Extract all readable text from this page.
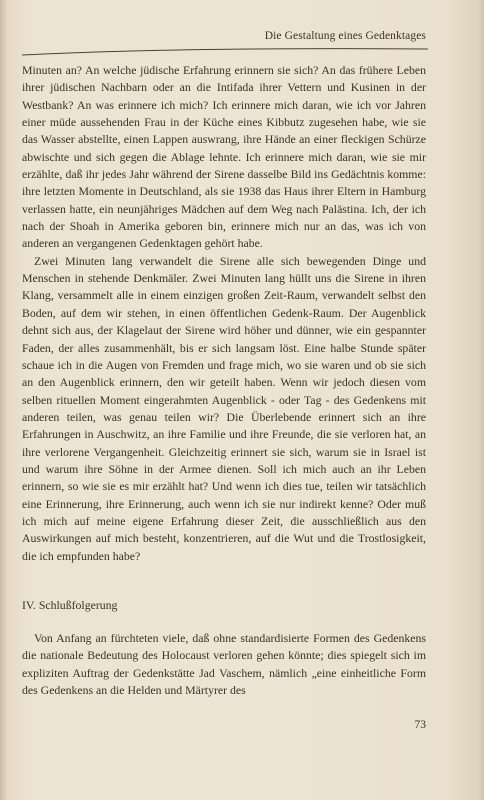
Die Gestaltung eines Gedenktages

Minuten an? An welche jüdische Erfahrung erinnern sie sich? An das frühere Leben ihrer jüdischen Nachbarn oder an die Intifada ihrer Vettern und Kusinen in der Westbank? An was erinnere ich mich? Ich erinnere mich daran, wie ich vor Jahren einer müde aussehenden Frau in der Küche eines Kibbutz zugesehen habe, wie sie das Wasser abstellte, einen Lappen auswrang, ihre Hände an einer fleckigen Schürze abwischte und sich gegen die Ablage lehnte. Ich erinnere mich daran, wie sie mir erzählte, daß ihr jedes Jahr während der Sirene dasselbe Bild ins Gedächtnis komme: ihre letzten Momente in Deutschland, als sie 1938 das Haus ihrer Eltern in Hamburg verlassen hatte, ein neunjähriges Mädchen auf dem Weg nach Palästina. Ich, der ich nach der Shoah in Amerika geboren bin, erinnere mich nur an das, was ich von anderen an vergangenen Gedenktagen gehört habe.

Zwei Minuten lang verwandelt die Sirene alle sich bewegenden Dinge und Menschen in stehende Denkmäler. Zwei Minuten lang hüllt uns die Sirene in ihren Klang, versammelt alle in einem einzigen großen Zeit-Raum, verwandelt selbst den Boden, auf dem wir stehen, in einen öffentlichen Gedenk-Raum. Der Augenblick dehnt sich aus, der Klagelaut der Sirene wird höher und dünner, wie ein gespannter Faden, der alles zusammenhält, bis er sich langsam löst. Eine halbe Stunde später schaue ich in die Augen von Fremden und frage mich, wo sie waren und ob sie sich an den Augenblick erinnern, den wir geteilt haben. Wenn wir jedoch diesen vom selben rituellen Moment eingerahmten Augenblick - oder Tag - des Gedenkens mit anderen teilen, was genau teilen wir? Die Überlebende erinnert sich an ihre Erfahrungen in Auschwitz, an ihre Familie und ihre Freunde, die sie verloren hat, an ihre verlorene Vergangenheit. Gleichzeitig erinnert sie sich, warum sie in Israel ist und warum ihre Söhne in der Armee dienen. Soll ich mich auch an ihr Leben erinnern, so wie sie es mir erzählt hat? Und wenn ich dies tue, teilen wir tatsächlich eine Erinnerung, ihre Erinnerung, auch wenn ich sie nur indirekt kenne? Oder muß ich mich auf meine eigene Erfahrung dieser Zeit, die ausschließlich aus den Auswirkungen auf mich besteht, konzentrieren, auf die Wut und die Trostlosigkeit, die ich empfunden habe?

IV. Schlußfolgerung

Von Anfang an fürchteten viele, daß ohne standardisierte Formen des Gedenkens die nationale Bedeutung des Holocaust verloren gehen könnte; dies spiegelt sich im expliziten Auftrag der Gedenkstätte Jad Vaschem, nämlich „eine einheitliche Form des Gedenkens an die Helden und Märtyrer des

73
